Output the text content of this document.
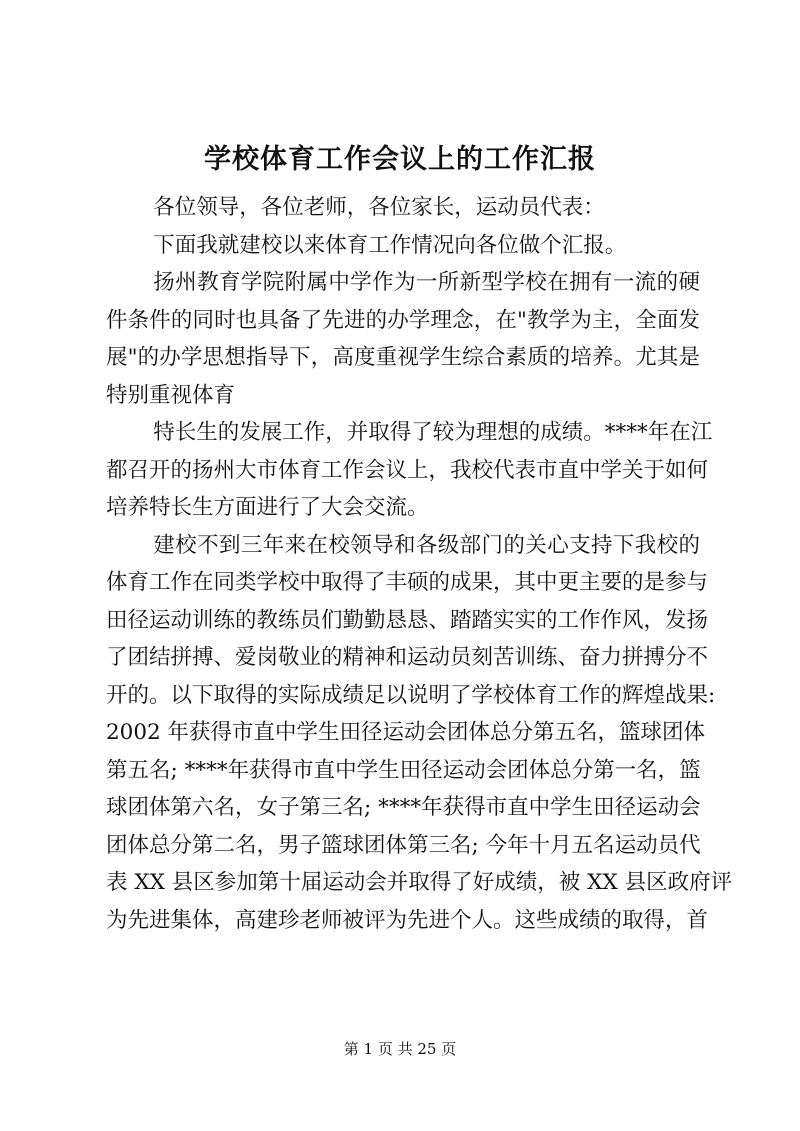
学校体育工作会议上的工作汇报
各位领导，各位老师，各位家长，运动员代表：
下面我就建校以来体育工作情况向各位做个汇报。
扬州教育学院附属中学作为一所新型学校在拥有一流的硬
件条件的同时也具备了先进的办学理念，在"教学为主，全面发
展"的办学思想指导下，高度重视学生综合素质的培养。尤其是
特别重视体育
特长生的发展工作，并取得了较为理想的成绩。****年在江
都召开的扬州大市体育工作会议上，我校代表市直中学关于如何
培养特长生方面进行了大会交流。
建校不到三年来在校领导和各级部门的关心支持下我校的
体育工作在同类学校中取得了丰硕的成果，其中更主要的是参与
田径运动训练的教练员们勤勤恳恳、踏踏实实的工作作风，发扬
了团结拼搏、爱岗敬业的精神和运动员刻苦训练、奋力拼搏分不
开的。以下取得的实际成绩足以说明了学校体育工作的辉煌战果:
2002 年获得市直中学生田径运动会团体总分第五名，篮球团体
第五名; ****年获得市直中学生田径运动会团体总分第一名，篮
球团体第六名，女子第三名; ****年获得市直中学生田径运动会
团体总分第二名，男子篮球团体第三名; 今年十月五名运动员代
表 XX 县区参加第十届运动会并取得了好成绩，被 XX 县区政府评
为先进集体，高建珍老师被评为先进个人。这些成绩的取得，首
第 1 页 共 25 页
